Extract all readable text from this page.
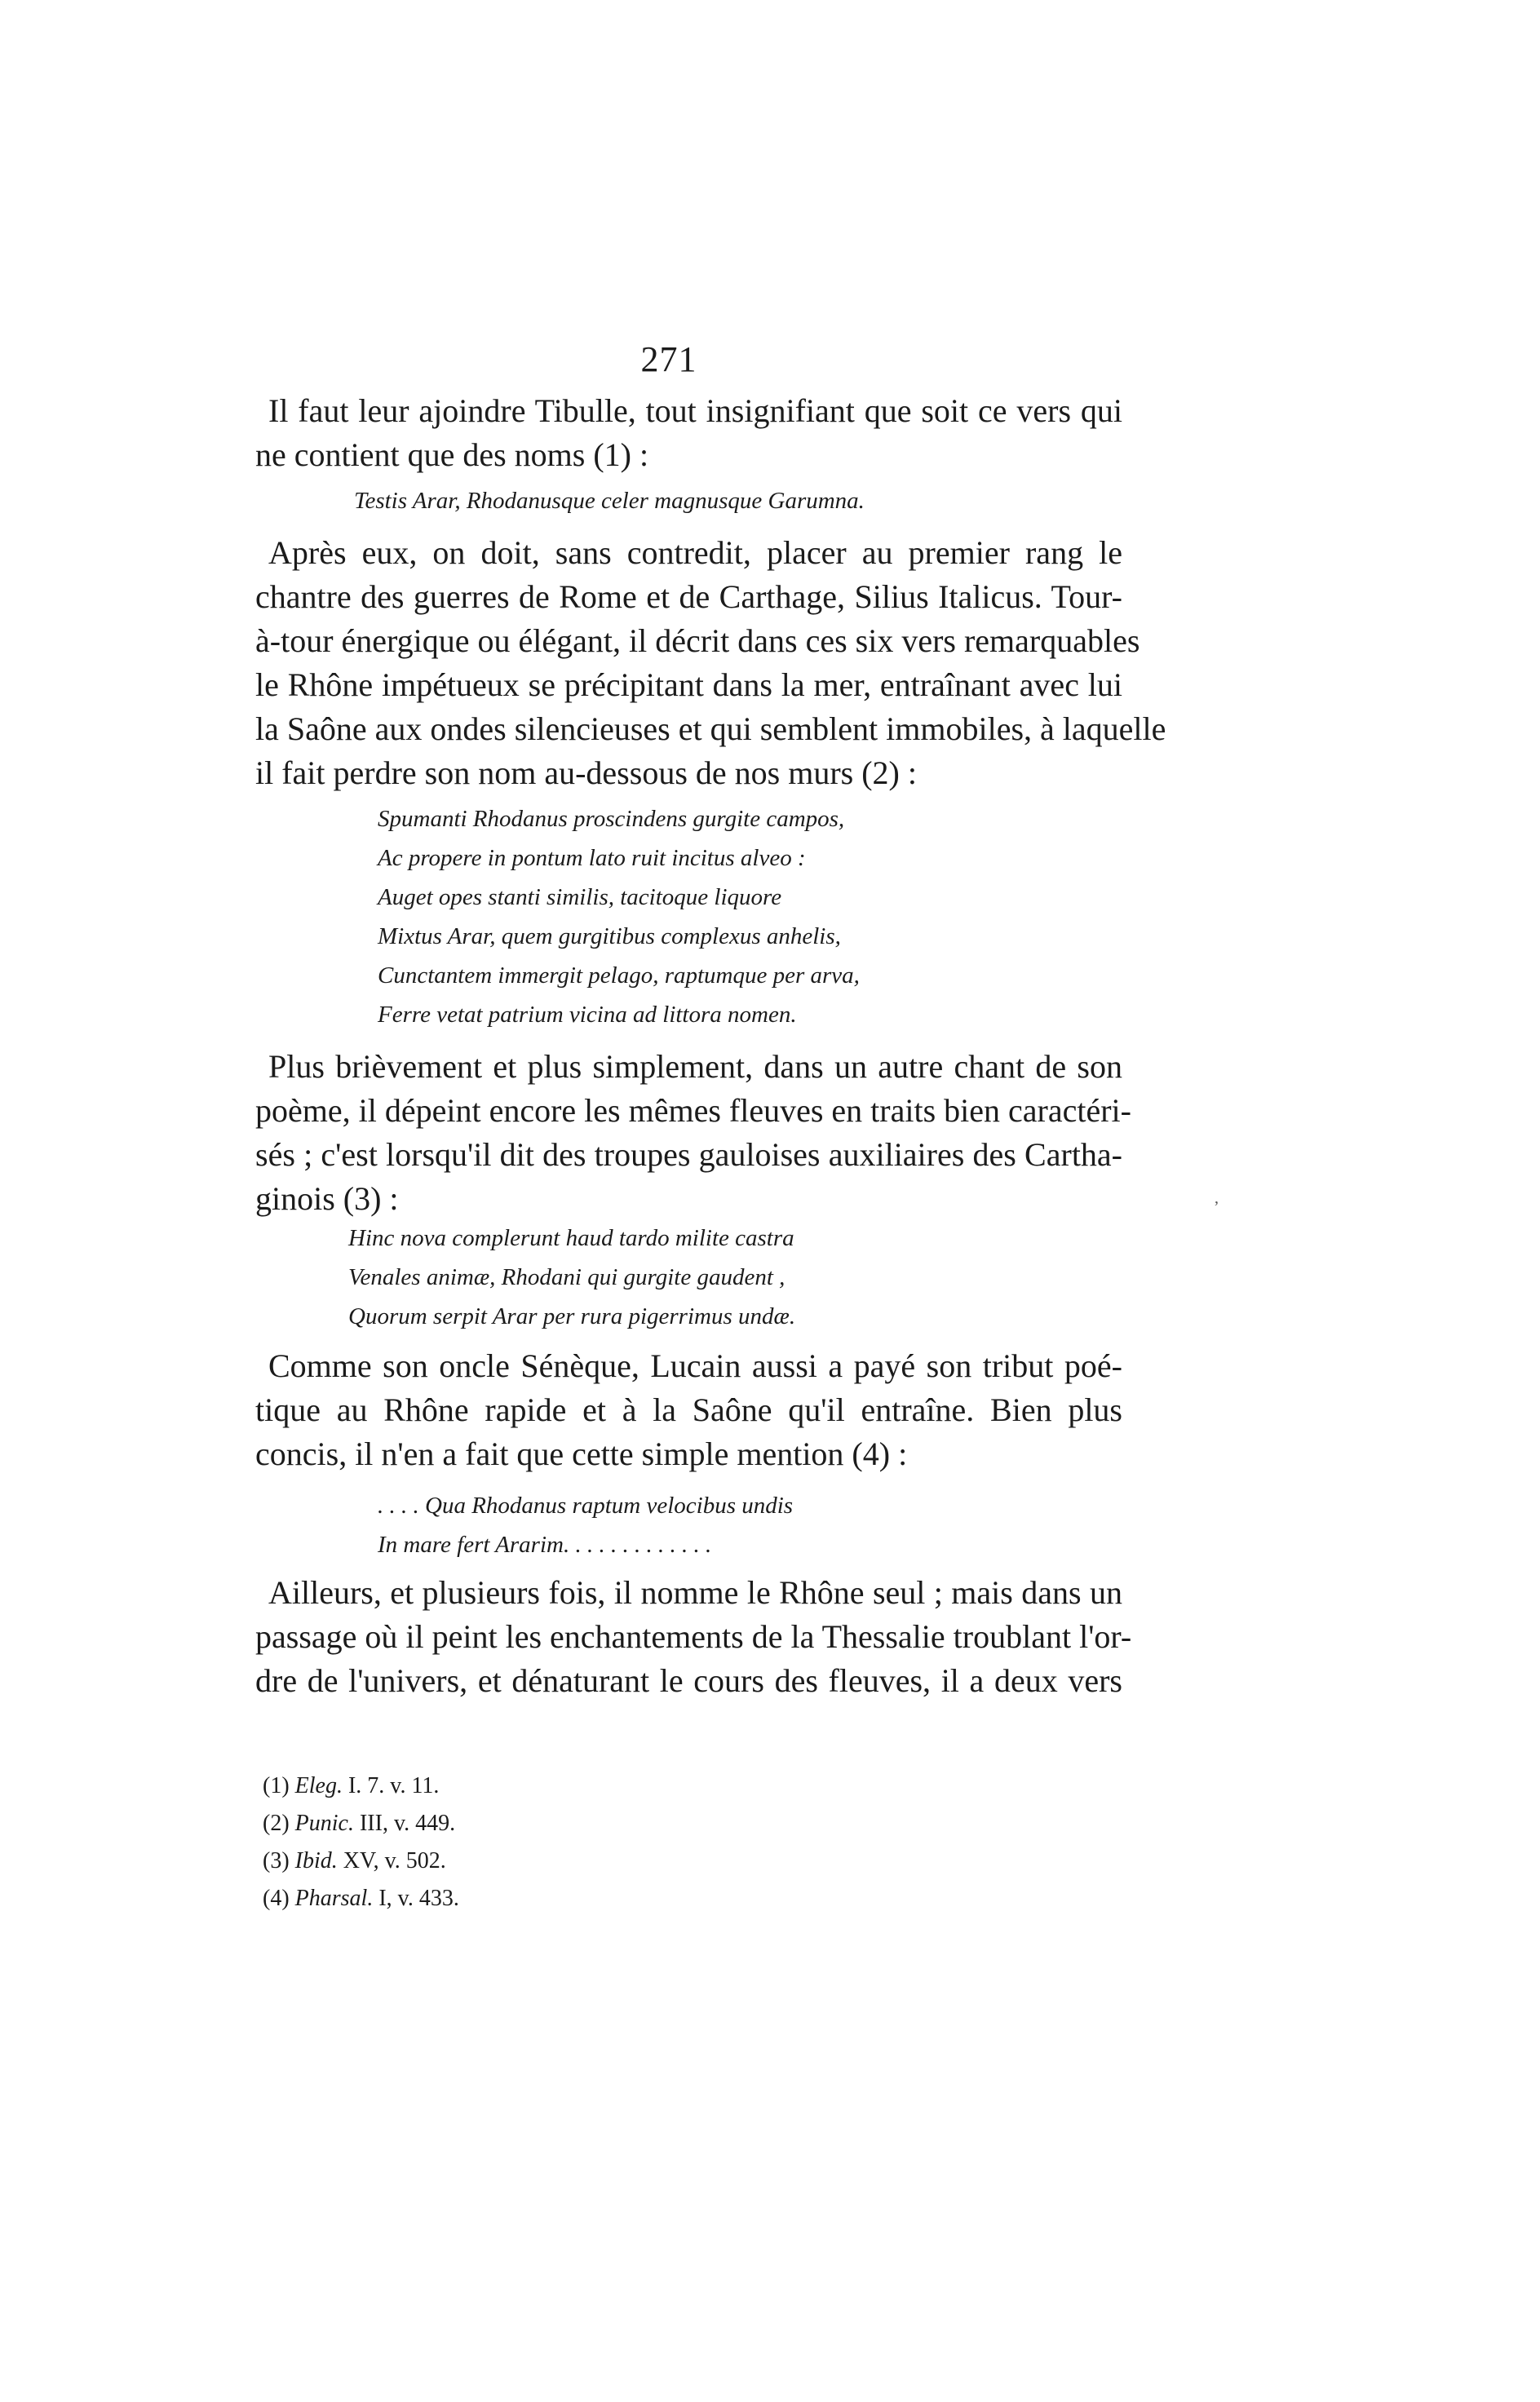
271
Il faut leur ajoindre Tibulle, tout insignifiant que soit ce vers qui
ne contient que des noms (1) :
Testis Arar, Rhodanusque celer magnusque Garumna.
Après eux, on doit, sans contredit, placer au premier rang le
chantre des guerres de Rome et de Carthage, Silius Italicus. Tour-
à-tour énergique ou élégant, il décrit dans ces six vers remarquables
le Rhône impétueux se précipitant dans la mer, entraînant avec lui
la Saône aux ondes silencieuses et qui semblent immobiles, à laquelle
il fait perdre son nom au-dessous de nos murs (2) :
Spumanti Rhodanus proscindens gurgite campos,
Ac propere in pontum lato ruit incitus alveo :
Auget opes stanti similis, tacitoque liquore
Mixtus Arar, quem gurgitibus complexus anhelis,
Cunctantem immergit pelago, raptumque per arva,
Ferre vetat patrium vicina ad littora nomen.
Plus brièvement et plus simplement, dans un autre chant de son
poème, il dépeint encore les mêmes fleuves en traits bien caractéri-
sés ; c'est lorsqu'il dit des troupes gauloises auxiliaires des Cartha-
ginois (3) :	‚
Hinc nova complerunt haud tardo milite castra
Venales animæ, Rhodani qui gurgite gaudent ,
Quorum serpit Arar per rura pigerrimus undæ.
Comme son oncle Sénèque, Lucain aussi a payé son tribut poé-
tique au Rhône rapide et à la Saône qu'il entraîne. Bien plus
concis, il n'en a fait que cette simple mention (4) :
. . . . Qua Rhodanus raptum velocibus undis
In mare fert Ararim. . . . . . . . . . . . .
Ailleurs, et plusieurs fois, il nomme le Rhône seul ; mais dans un
passage où il peint les enchantements de la Thessalie troublant l'or-
dre de l'univers, et dénaturant le cours des fleuves, il a deux vers
(1) Eleg. I. 7. v. 11.
(2) Punic. III, v. 449.
(3) Ibid. XV, v. 502.
(4) Pharsal. I, v. 433.
